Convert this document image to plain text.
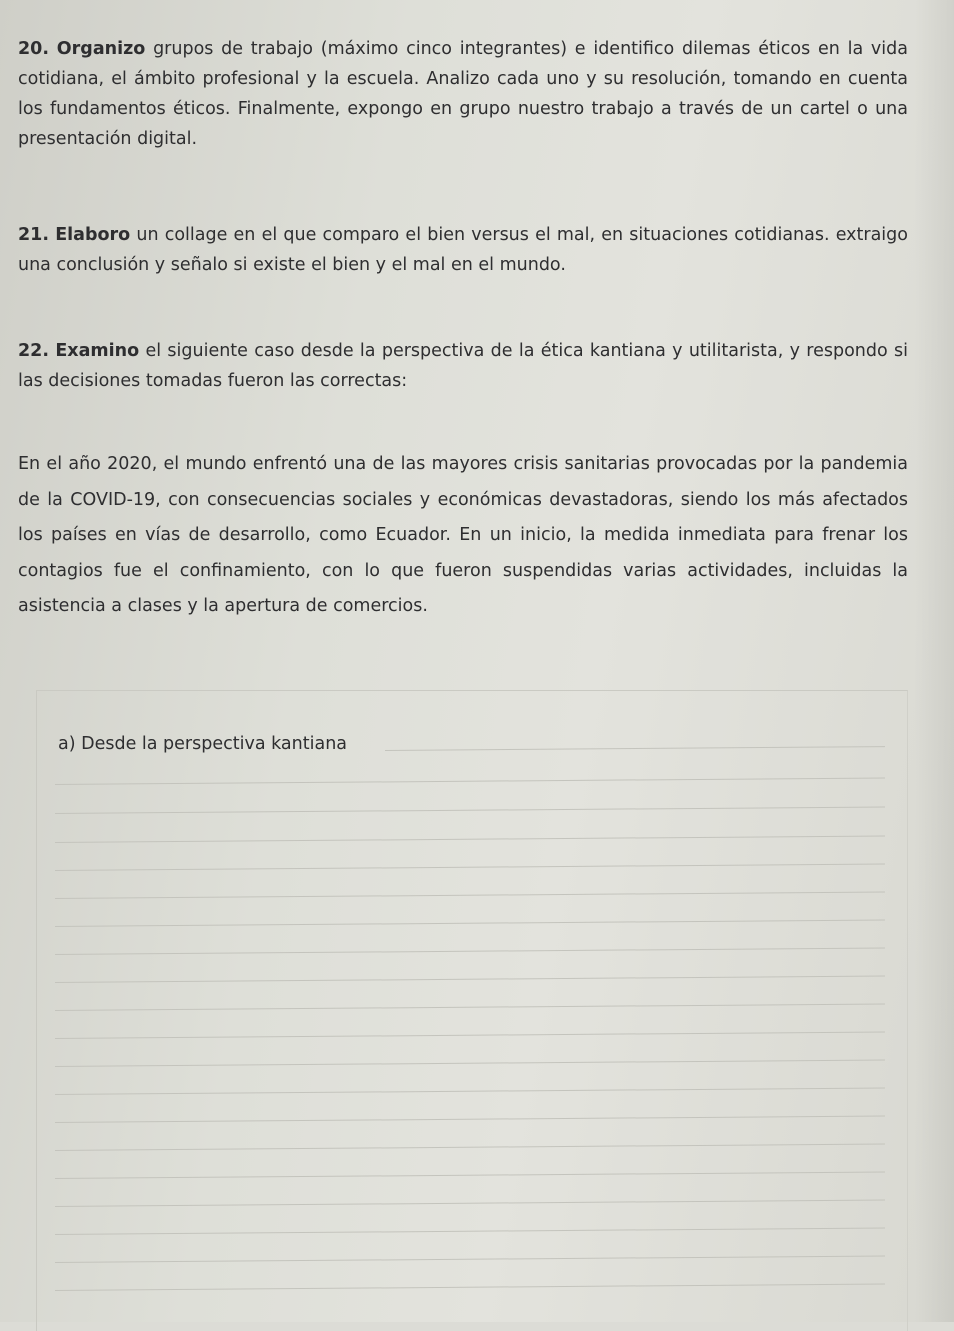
20. Organizo grupos de trabajo (máximo cinco integrantes) e identifico dilemas éticos en la vida cotidiana, el ámbito profesional y la escuela. Analizo cada uno y su resolución, tomando en cuenta los fundamentos éticos. Finalmente, expongo en grupo nuestro trabajo a través de un cartel o una presentación digital.

21. Elaboro un collage en el que comparo el bien versus el mal, en situaciones cotidianas. extraigo una conclusión y señalo si existe el bien y el mal en el mundo.

22. Examino el siguiente caso desde la perspectiva de la ética kantiana y utilitarista, y respondo si las decisiones tomadas fueron las correctas:

En el año 2020, el mundo enfrentó una de las mayores crisis sanitarias provocadas por la pandemia de la COVID-19, con consecuencias sociales y económicas devastadoras, siendo los más afectados los países en vías de desarrollo, como Ecuador. En un inicio, la medida inmediata para frenar los contagios fue el confinamiento, con lo que fueron suspendidas varias actividades, incluidas la asistencia a clases y la apertura de comercios.

a) Desde la perspectiva kantiana
